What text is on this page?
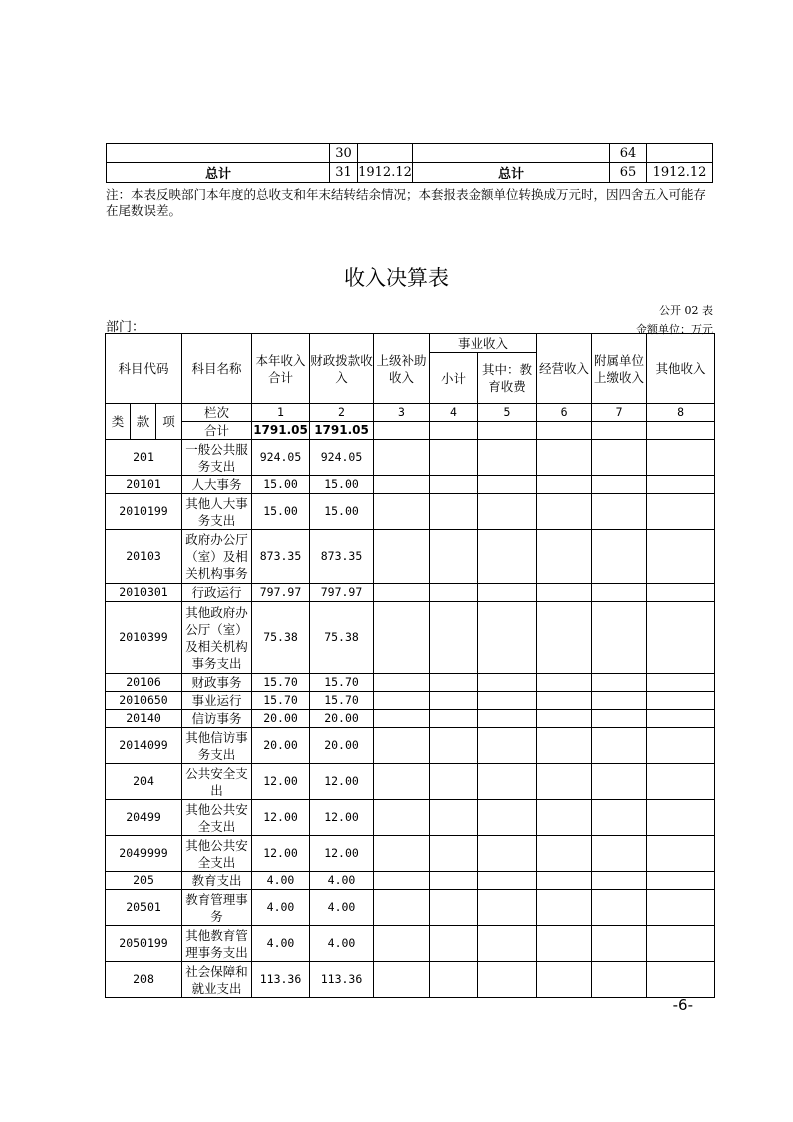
	30			64	
总计	31	1912.12	总计	65	1912.12
注：本表反映部门本年度的总收支和年末结转结余情况；本套报表金额单位转换成万元时，因四舍五入可能存在尾数误差。
收入决算表
公开 02 表
部门：	金额单位：万元
科目代码			科目名称	本年收入合计	财政拨款收入	上级补助收入	事业收入		经营收入	附属单位上缴收入	其他收入
							小计	其中：教育收费			
类	款	项	栏次	1	2	3	4	5	6	7	8
			合计	1791.05	1791.05						
201			一般公共服务支出	924.05	924.05						
20101			人大事务	15.00	15.00						
2010199			其他人大事务支出	15.00	15.00						
20103			政府办公厅（室）及相关机构事务	873.35	873.35						
2010301			行政运行	797.97	797.97						
2010399			其他政府办公厅（室）及相关机构事务支出	75.38	75.38						
20106			财政事务	15.70	15.70						
2010650			事业运行	15.70	15.70						
20140			信访事务	20.00	20.00						
2014099			其他信访事务支出	20.00	20.00						
204			公共安全支出	12.00	12.00						
20499			其他公共安全支出	12.00	12.00						
2049999			其他公共安全支出	12.00	12.00						
205			教育支出	4.00	4.00						
20501			教育管理事务	4.00	4.00						
2050199			其他教育管理事务支出	4.00	4.00						
208			社会保障和就业支出	113.36	113.36						
-6-
